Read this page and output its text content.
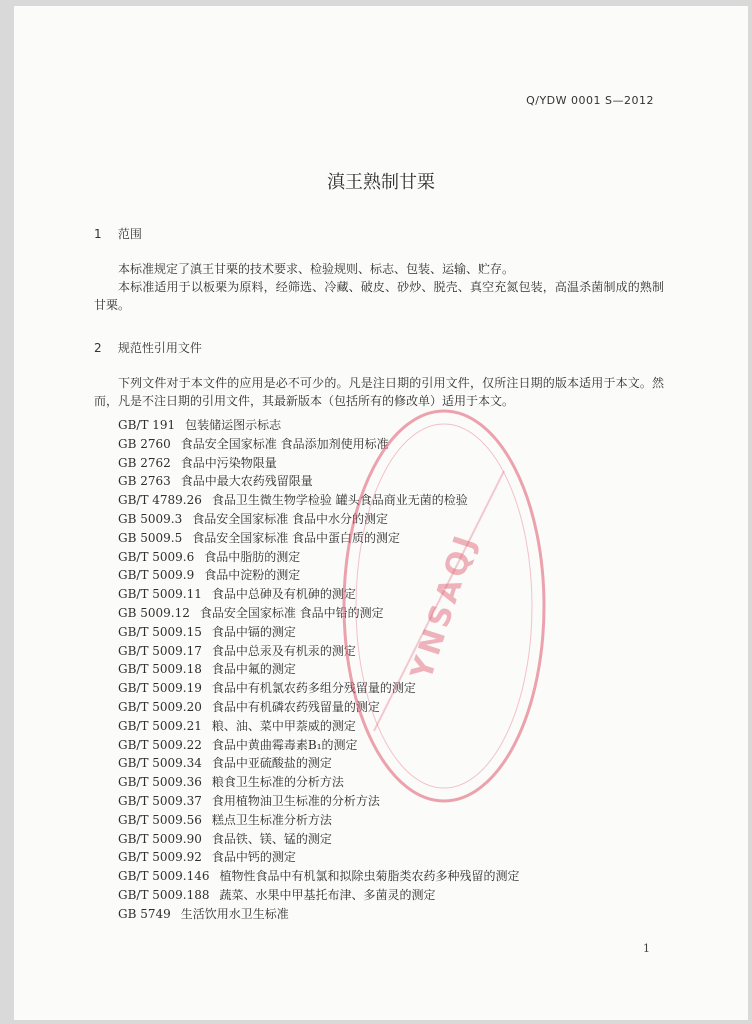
Q/YDW 0001 S—2012
滇王熟制甘栗
1 范围
本标准规定了滇王甘栗的技术要求、检验规则、标志、包装、运输、贮存。
本标准适用于以板栗为原料，经筛选、冷藏、破皮、砂炒、脱壳、真空充氮包装，高温杀菌制成的熟制甘栗。
2 规范性引用文件
下列文件对于本文件的应用是必不可少的。凡是注日期的引用文件，仅所注日期的版本适用于本文。然而，凡是不注日期的引用文件，其最新版本（包括所有的修改单）适用于本文。
GB/T 191 包装储运图示标志
GB 2760 食品安全国家标准 食品添加剂使用标准
GB 2762 食品中污染物限量
GB 2763 食品中最大农药残留限量
GB/T 4789.26 食品卫生微生物学检验 罐头食品商业无菌的检验
GB 5009.3 食品安全国家标准 食品中水分的测定
GB 5009.5 食品安全国家标准 食品中蛋白质的测定
GB/T 5009.6 食品中脂肪的测定
GB/T 5009.9 食品中淀粉的测定
GB/T 5009.11 食品中总砷及有机砷的测定
GB 5009.12 食品安全国家标准 食品中铅的测定
GB/T 5009.15 食品中镉的测定
GB/T 5009.17 食品中总汞及有机汞的测定
GB/T 5009.18 食品中氟的测定
GB/T 5009.19 食品中有机氯农药多组分残留量的测定
GB/T 5009.20 食品中有机磷农药残留量的测定
GB/T 5009.21 粮、油、菜中甲萘威的测定
GB/T 5009.22 食品中黄曲霉毒素B₁的测定
GB/T 5009.34 食品中亚硫酸盐的测定
GB/T 5009.36 粮食卫生标准的分析方法
GB/T 5009.37 食用植物油卫生标准的分析方法
GB/T 5009.56 糕点卫生标准分析方法
GB/T 5009.90 食品铁、镁、锰的测定
GB/T 5009.92 食品中钙的测定
GB/T 5009.146 植物性食品中有机氯和拟除虫菊脂类农药多种残留的测定
GB/T 5009.188 蔬菜、水果中甲基托布津、多菌灵的测定
GB 5749 生活饮用水卫生标准
YNSAQJ
1
